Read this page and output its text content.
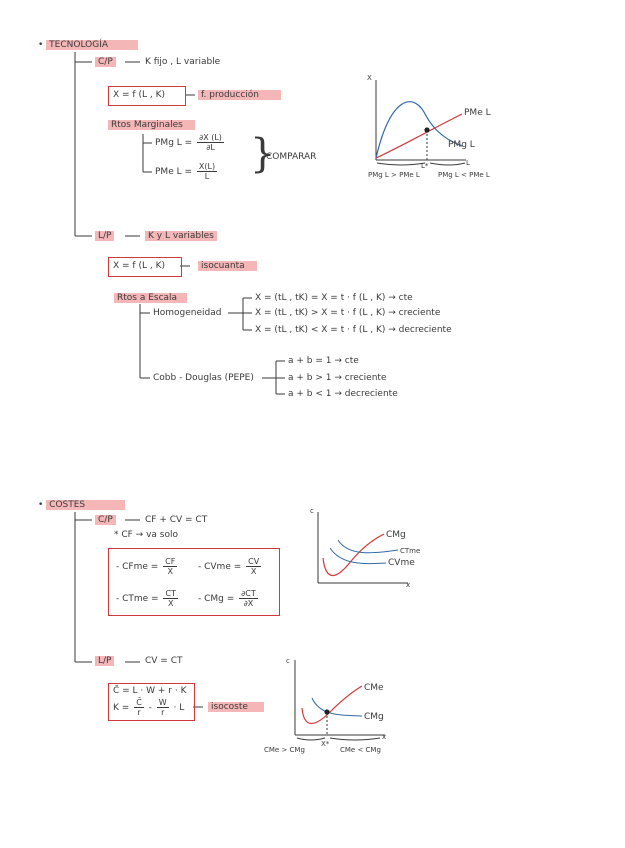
• TECNOLOGÍA
C/P	K fijo , L variable
X = f (L , K)	f. producción
Rtos Marginales
PMg $L = \frac{\partial X (L)}{\partial L}$
PMe $L = \frac{X(L)}{L}$ }
COMPARAR
X
L
PMe L
PMg L
L*
PMg L > PMe L	PMg L < PMe L
L/P	K y L variables
X = f (L , K)	isocuanta
Rtos a Escala
Homogeneidad
X = (tL , tK) = X = t · f (L , K) → cte
X = (tL , tK) > X = t · f (L , K) → creciente
X = (tL , tK) < X = t · f (L , K) → decreciente
Cobb - Douglas (PEPE)
a + b = 1 → cte
a + b > 1 → creciente
a + b < 1 → decreciente
• COSTES
C/P	CF + CV = CT
* CF → va solo
- CFme = $\frac{CF}{X}$ - CVme = $\frac{CV}{X}$
- CTme = $\frac{CT}{X}$ - CMg = $\frac{\partial CT}{\partial X}$
c
x
CMg
CTme
CVme
L/P	CV = CT
C̄ = L · W + r · K
$K = \frac{C̄}{r} - \frac{W}{r} \cdot L$	isocoste
c
x
CMe
CMg
X*
CMe > CMg	CMe < CMg
